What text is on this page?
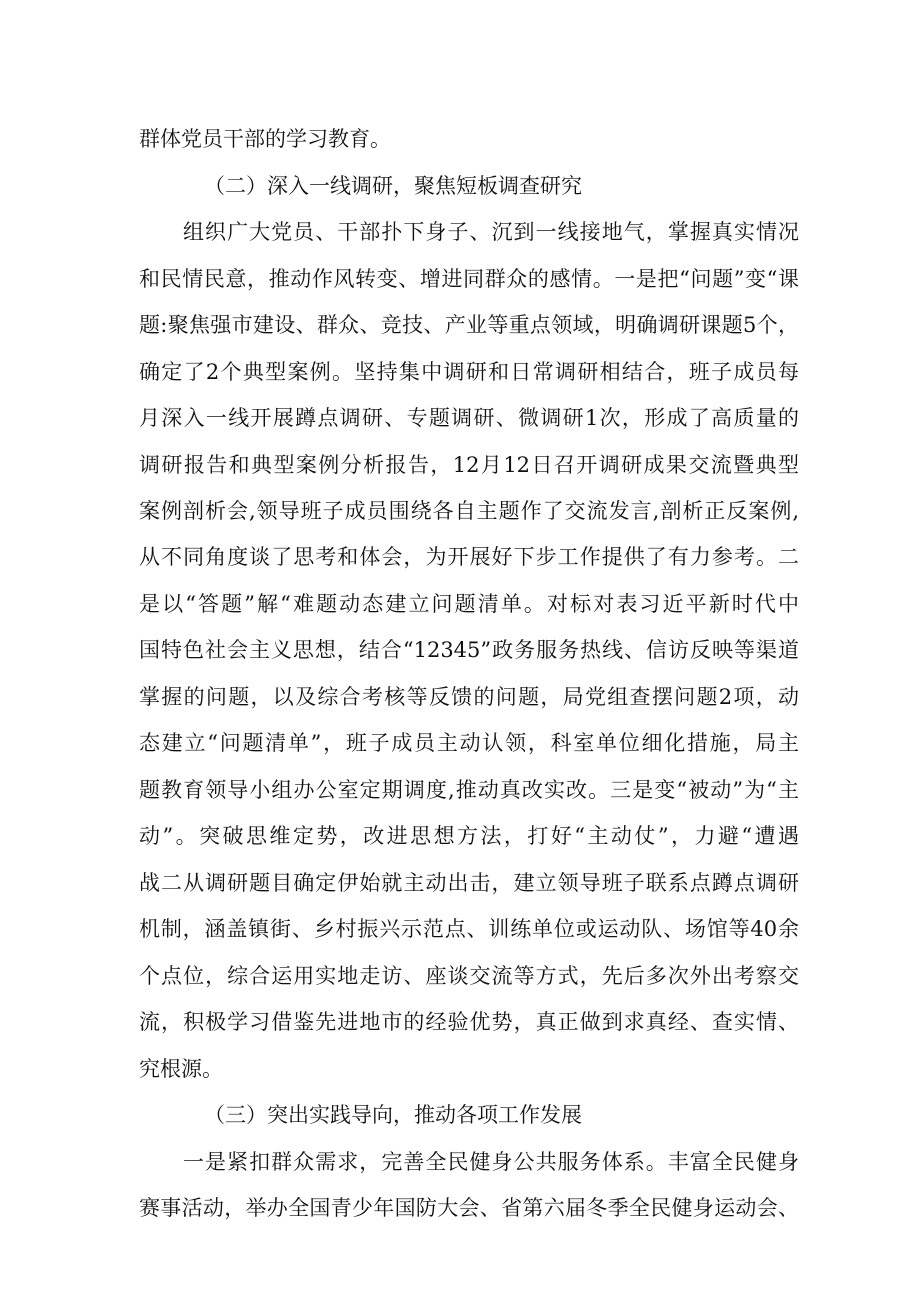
群体党员干部的学习教育。
（二）深入一线调研，聚焦短板调查研究
组织广大党员、干部扑下身子、沉到一线接地气，掌握真实情况
和民情民意，推动作风转变、增进同群众的感情。一是把“问题”变“课
题:聚焦强市建设、群众、竞技、产业等重点领域，明确调研课题5个，
确定了2个典型案例。坚持集中调研和日常调研相结合，班子成员每
月深入一线开展蹲点调研、专题调研、微调研1次，形成了高质量的
调研报告和典型案例分析报告，12月12日召开调研成果交流暨典型
案例剖析会,领导班子成员围绕各自主题作了交流发言,剖析正反案例,
从不同角度谈了思考和体会，为开展好下步工作提供了有力参考。二
是以“答题”解“难题动态建立问题清单。对标对表习近平新时代中
国特色社会主义思想，结合“12345”政务服务热线、信访反映等渠道
掌握的问题，以及综合考核等反馈的问题，局党组查摆问题2项，动
态建立“问题清单”，班子成员主动认领，科室单位细化措施，局主
题教育领导小组办公室定期调度,推动真改实改。三是变“被动”为“主
动”。突破思维定势，改进思想方法，打好“主动仗”，力避“遭遇
战二从调研题目确定伊始就主动出击，建立领导班子联系点蹲点调研
机制，涵盖镇街、乡村振兴示范点、训练单位或运动队、场馆等40余
个点位，综合运用实地走访、座谈交流等方式，先后多次外出考察交
流，积极学习借鉴先进地市的经验优势，真正做到求真经、查实情、
究根源。
（三）突出实践导向，推动各项工作发展
一是紧扣群众需求，完善全民健身公共服务体系。丰富全民健身
赛事活动，举办全国青少年国防大会、省第六届冬季全民健身运动会、
